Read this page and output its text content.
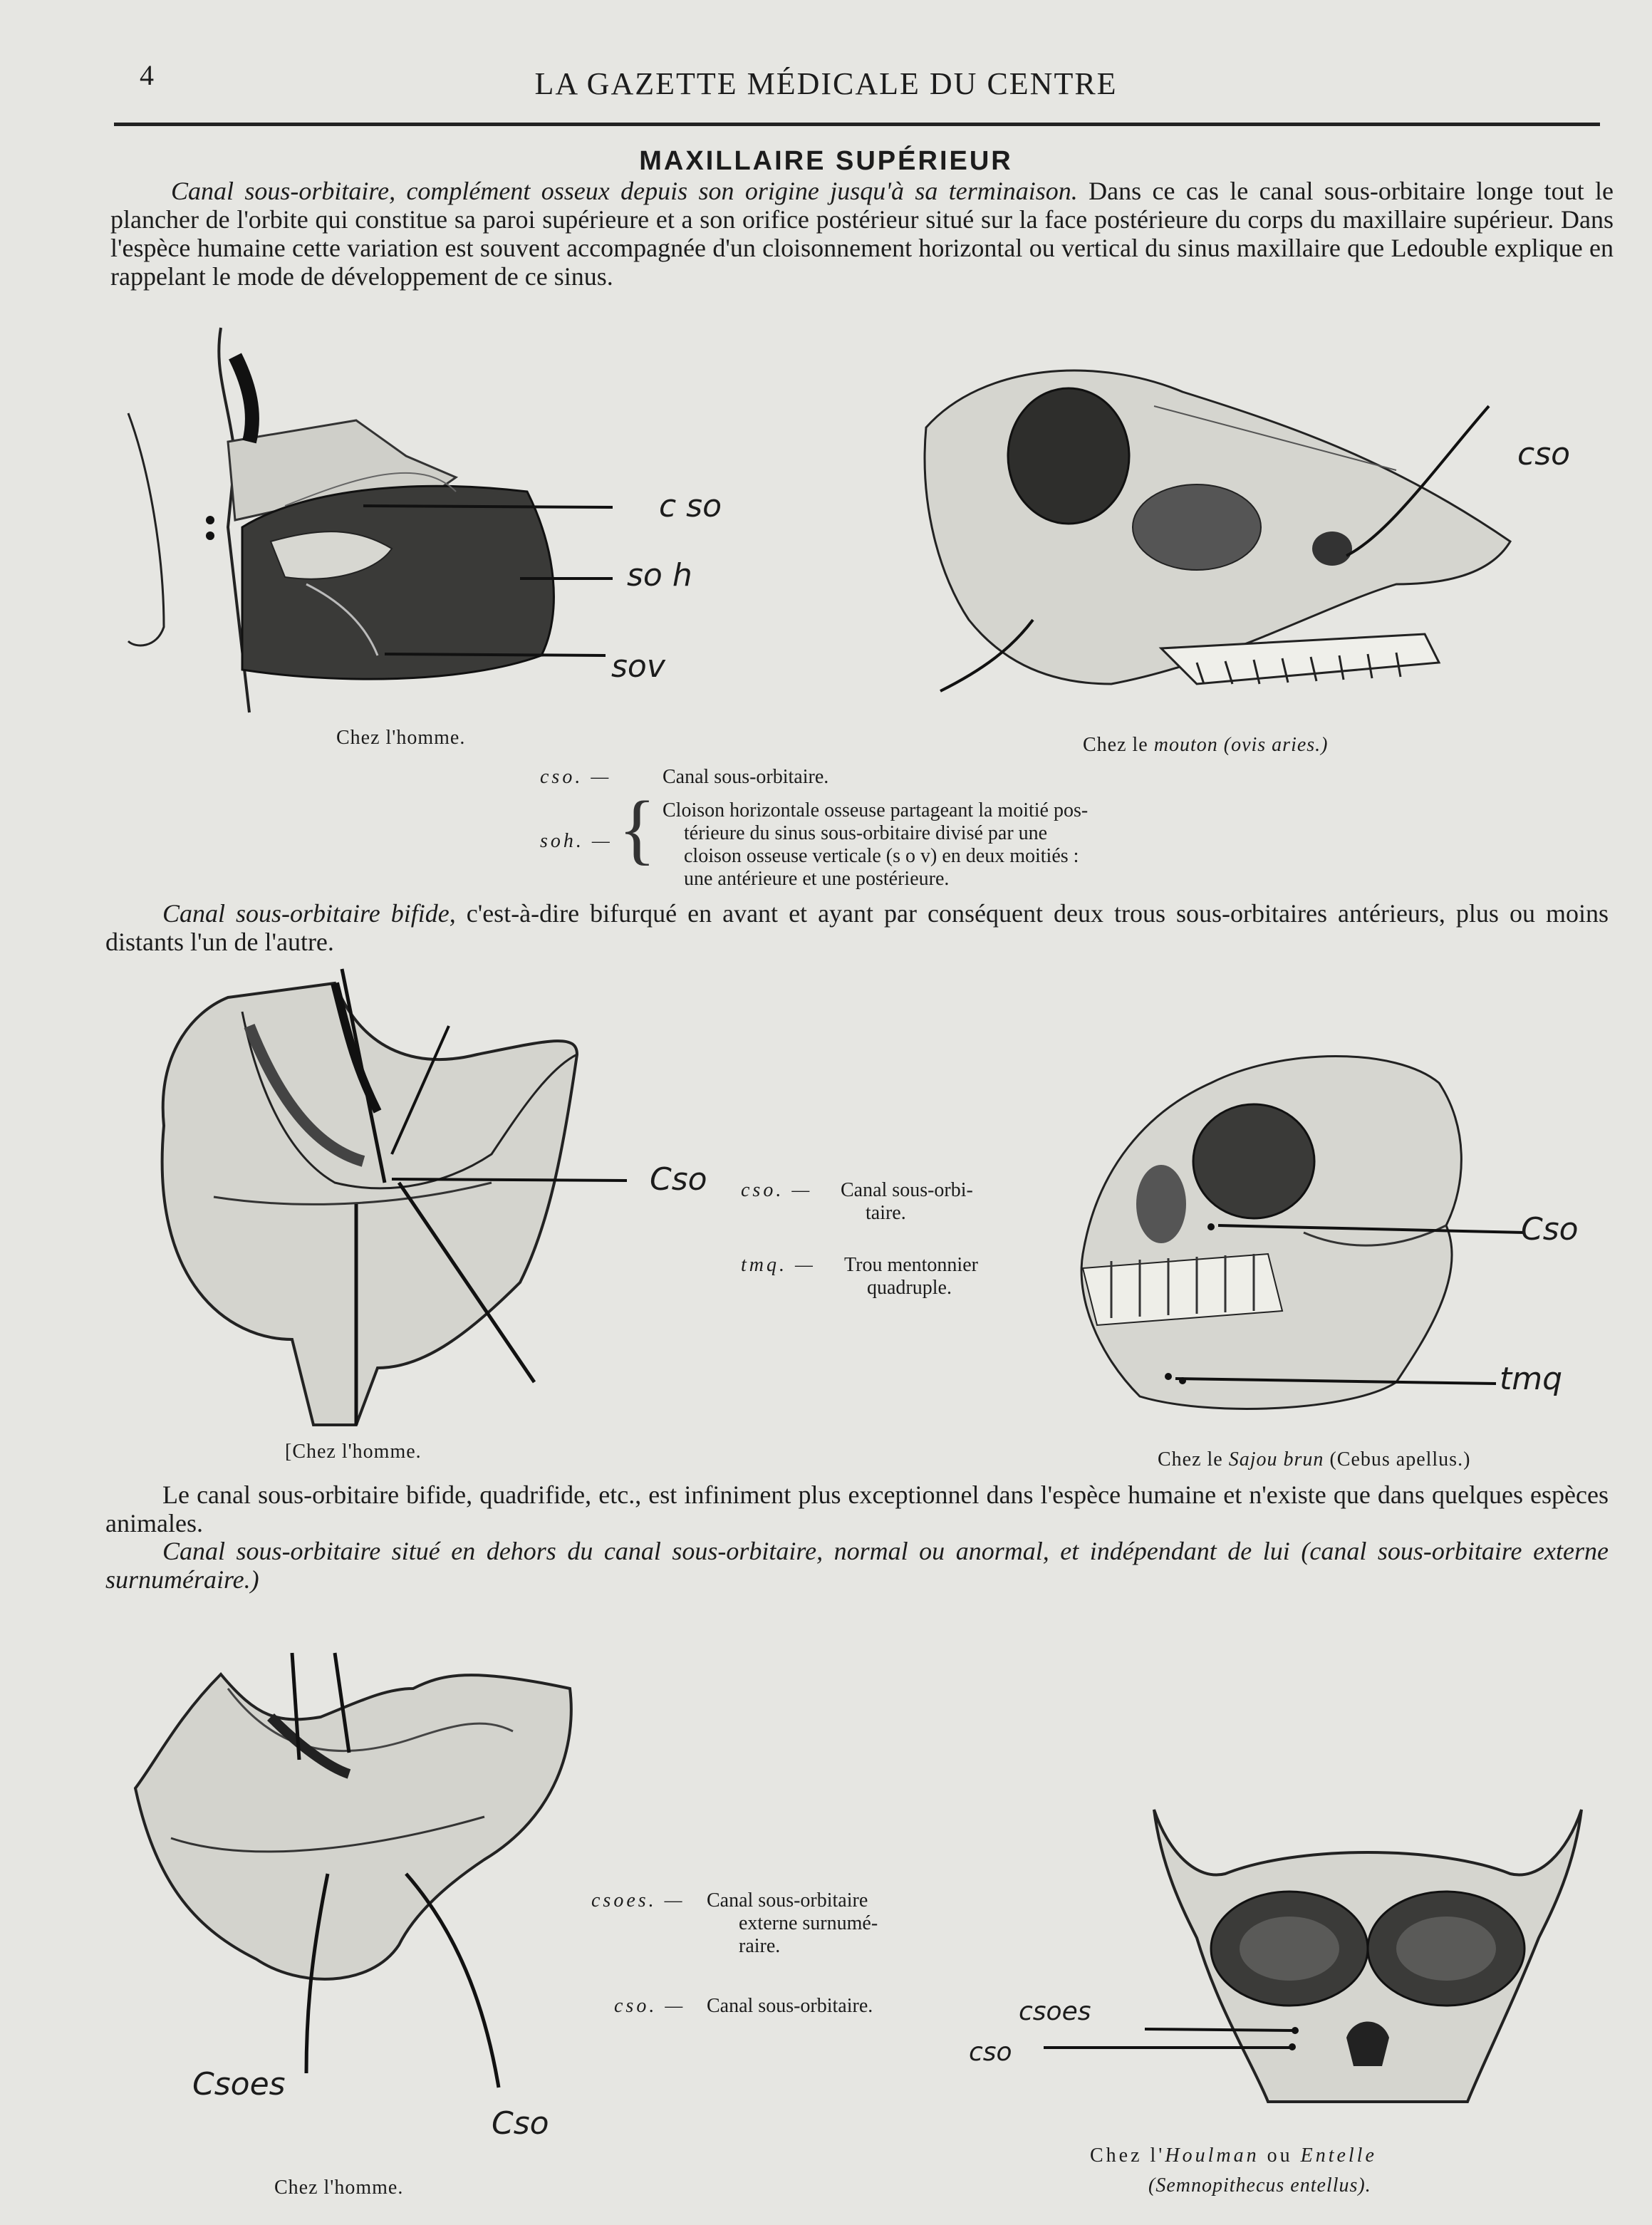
4	LA GAZETTE MÉDICALE DU CENTRE
MAXILLAIRE SUPÉRIEUR
Canal sous-orbitaire, complément osseux depuis son origine jusqu'à sa terminaison. Dans ce cas le canal sous-orbitaire longe tout le plancher de l'orbite qui constitue sa paroi supérieure et a son orifice postérieur situé sur la face postérieure du corps du maxillaire supérieur. Dans l'espèce humaine cette variation est souvent accompagnée d'un cloisonnement horizontal ou vertical du sinus maxillaire que Ledouble explique en rappelant le mode de développement de ce sinus.
c so
so h
sov
Chez l'homme.
cso
Chez le mouton (ovis aries.)
cso. —	Canal sous-orbitaire.
soh. — { Cloison horizontale osseuse partageant la moitié pos-
térieure du sinus sous-orbitaire divisé par une
cloison osseuse verticale (s o v) en deux moitiés :
une antérieure et une postérieure.
Canal sous-orbitaire bifide, c'est-à-dire bifurqué en avant et ayant par conséquent deux trous sous-orbitaires antérieurs, plus ou moins distants l'un de l'autre.
Cso
[Chez l'homme.
cso. — Canal sous-orbi-
taire.
tmq. — Trou mentonnier
quadruple.
Cso
tmq
Chez le Sajou brun (Cebus apellus.)
Le canal sous-orbitaire bifide, quadrifide, etc., est infiniment plus exceptionnel dans l'espèce humaine et n'existe que dans quelques espèces animales.
Canal sous-orbitaire situé en dehors du canal sous-orbitaire, normal ou anormal, et indépendant de lui (canal sous-orbitaire externe surnuméraire.)
Csoes
Cso
Chez l'homme.
csoes. — Canal sous-orbitaire
externe surnumé-
raire.
cso. — Canal sous-orbitaire.	csoes
cso
Chez l'Houlman ou Entelle
(Semnopithecus entellus).
